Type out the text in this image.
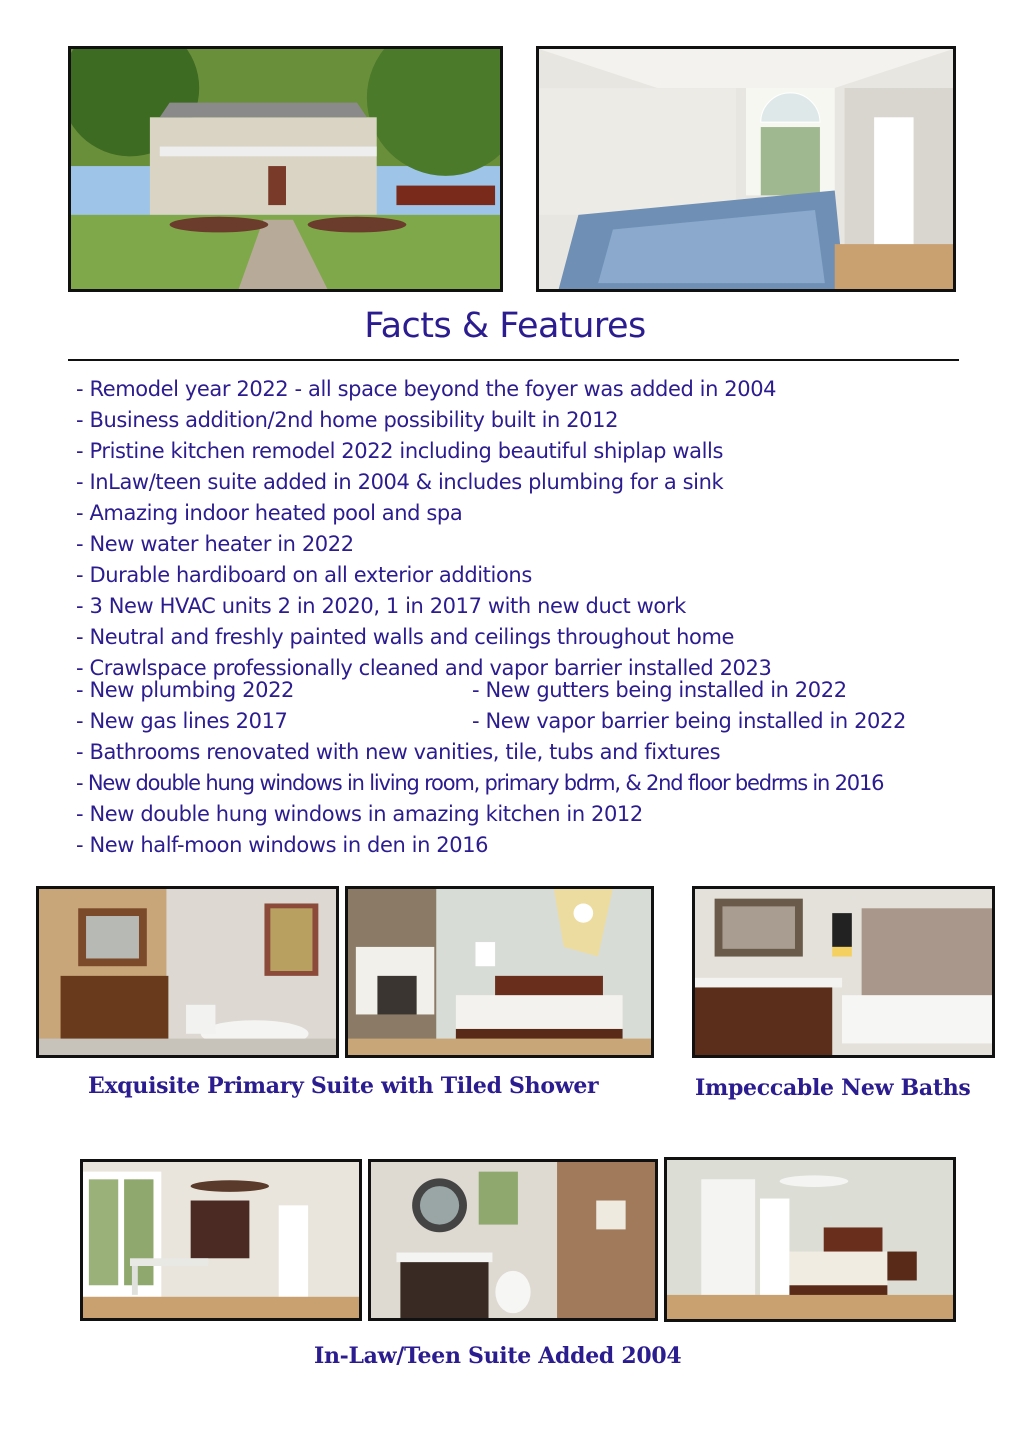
Facts & Features

- Remodel year 2022 - all space beyond the foyer was added in 2004

- Business addition/2nd home possibility built in 2012

- Pristine kitchen remodel 2022 including beautiful shiplap walls

- InLaw/teen suite added in 2004 & includes plumbing for a sink

- Amazing indoor heated pool and spa

- New water heater in 2022

- Durable hardiboard on all exterior additions

- 3 New HVAC units 2 in 2020, 1 in 2017 with new duct work

- Neutral and freshly painted walls and ceilings throughout home

- Crawlspace professionally cleaned and vapor barrier installed 2023

- New plumbing 2022

- New gas lines 2017

- Bathrooms renovated with new vanities, tile, tubs and fixtures

- New double hung windows in living room, primary bdrm, & 2nd floor bedrms in 2016

- New double hung windows in amazing kitchen in 2012

- New half-moon windows in den in 2016

- New gutters being installed in 2022

- New vapor barrier being installed in 2022

Exquisite Primary Suite with Tiled Shower	Impeccable New Baths
In-Law/Teen Suite Added 2004
